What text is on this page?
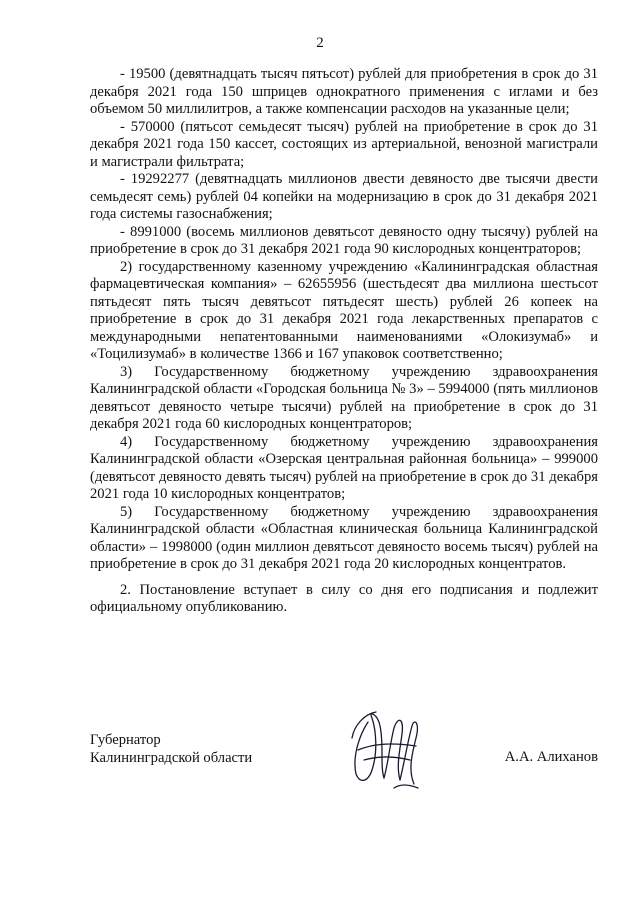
2

- 19500 (девятнадцать тысяч пятьсот) рублей для приобретения в срок до 31 декабря 2021 года 150 шприцев однократного применения с иглами и без объемом 50 миллилитров, а также компенсации расходов на указанные цели;

- 570000 (пятьсот семьдесят тысяч) рублей на приобретение в срок до 31 декабря 2021 года 150 кассет, состоящих из артериальной, венозной магистрали и магистрали фильтрата;

- 19292277 (девятнадцать миллионов двести девяносто две тысячи двести семьдесят семь) рублей 04 копейки на модернизацию в срок до 31 декабря 2021 года системы газоснабжения;

- 8991000 (восемь миллионов девятьсот девяносто одну тысячу) рублей на приобретение в срок до 31 декабря 2021 года 90 кислородных концентраторов;

2) государственному казенному учреждению «Калининградская областная фармацевтическая компания» – 62655956 (шестьдесят два миллиона шестьсот пятьдесят пять тысяч девятьсот пятьдесят шесть) рублей 26 копеек на приобретение в срок до 31 декабря 2021 года лекарственных препаратов с международными непатентованными наименованиями «Олокизумаб» и «Тоцилизумаб» в количестве 1366 и 167 упаковок соответственно;

3) Государственному бюджетному учреждению здравоохранения Калининградской области «Городская больница № 3» – 5994000 (пять миллионов девятьсот девяносто четыре тысячи) рублей на приобретение в срок до 31 декабря 2021 года 60 кислородных концентраторов;

4) Государственному бюджетному учреждению здравоохранения Калининградской области «Озерская центральная районная больница» – 999000 (девятьсот девяносто девять тысяч) рублей на приобретение в срок до 31 декабря 2021 года 10 кислородных концентратов;

5) Государственному бюджетному учреждению здравоохранения Калининградской области «Областная клиническая больница Калининградской области» – 1998000 (один миллион девятьсот девяносто восемь тысяч) рублей на приобретение в срок до 31 декабря 2021 года 20 кислородных концентратов.

2. Постановление вступает в силу со дня его подписания и подлежит официальному опубликованию.

Губернатор
Калининградской области	А.А. Алиханов
